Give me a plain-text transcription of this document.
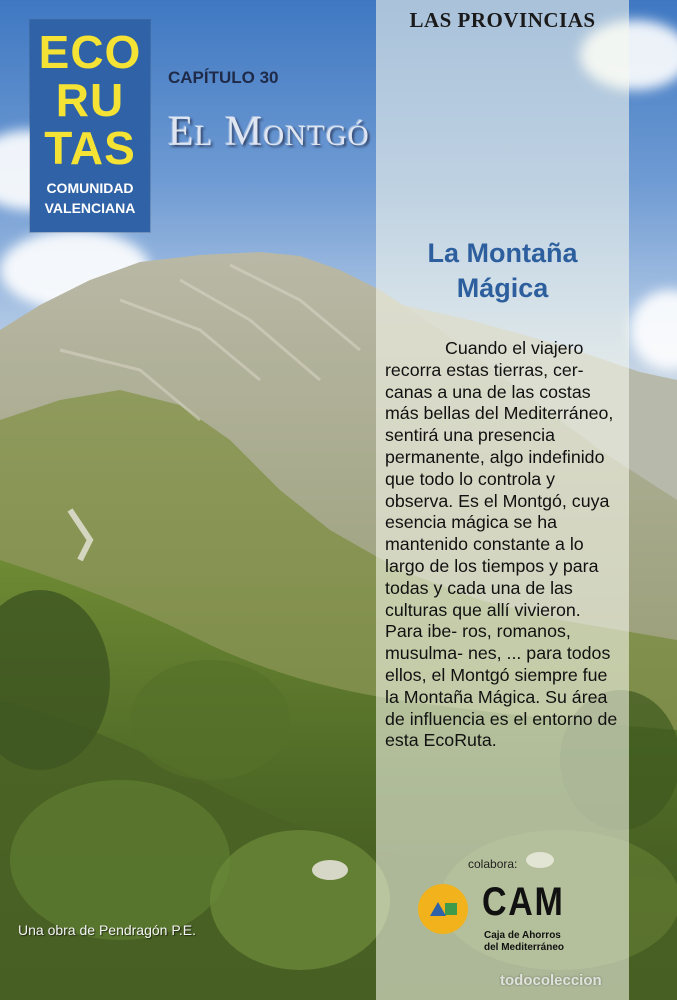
ECO
RU
TAS
COMUNIDAD
VALENCIANA
CAPÍTULO 30
El Montgó
LAS PROVINCIAS
La Montaña
Mágica

Cuando el viajero recorra estas tierras, cer- canas a una de las costas más bellas del Mediterráneo, sentirá una presencia permanente, algo indefinido que todo lo controla y observa. Es el Montgó, cuya esencia mágica se ha mantenido constante a lo largo de los tiempos y para todas y cada una de las culturas que allí vivieron. Para ibe- ros, romanos, musulma- nes, ... para todos ellos, el Montgó siempre fue la Montaña Mágica. Su área de influencia es el entorno de esta EcoRuta.

Una obra de Pendragón P.E.
colabora:
CAM
Caja de Ahorros
del Mediterráneo
todocoleccion
